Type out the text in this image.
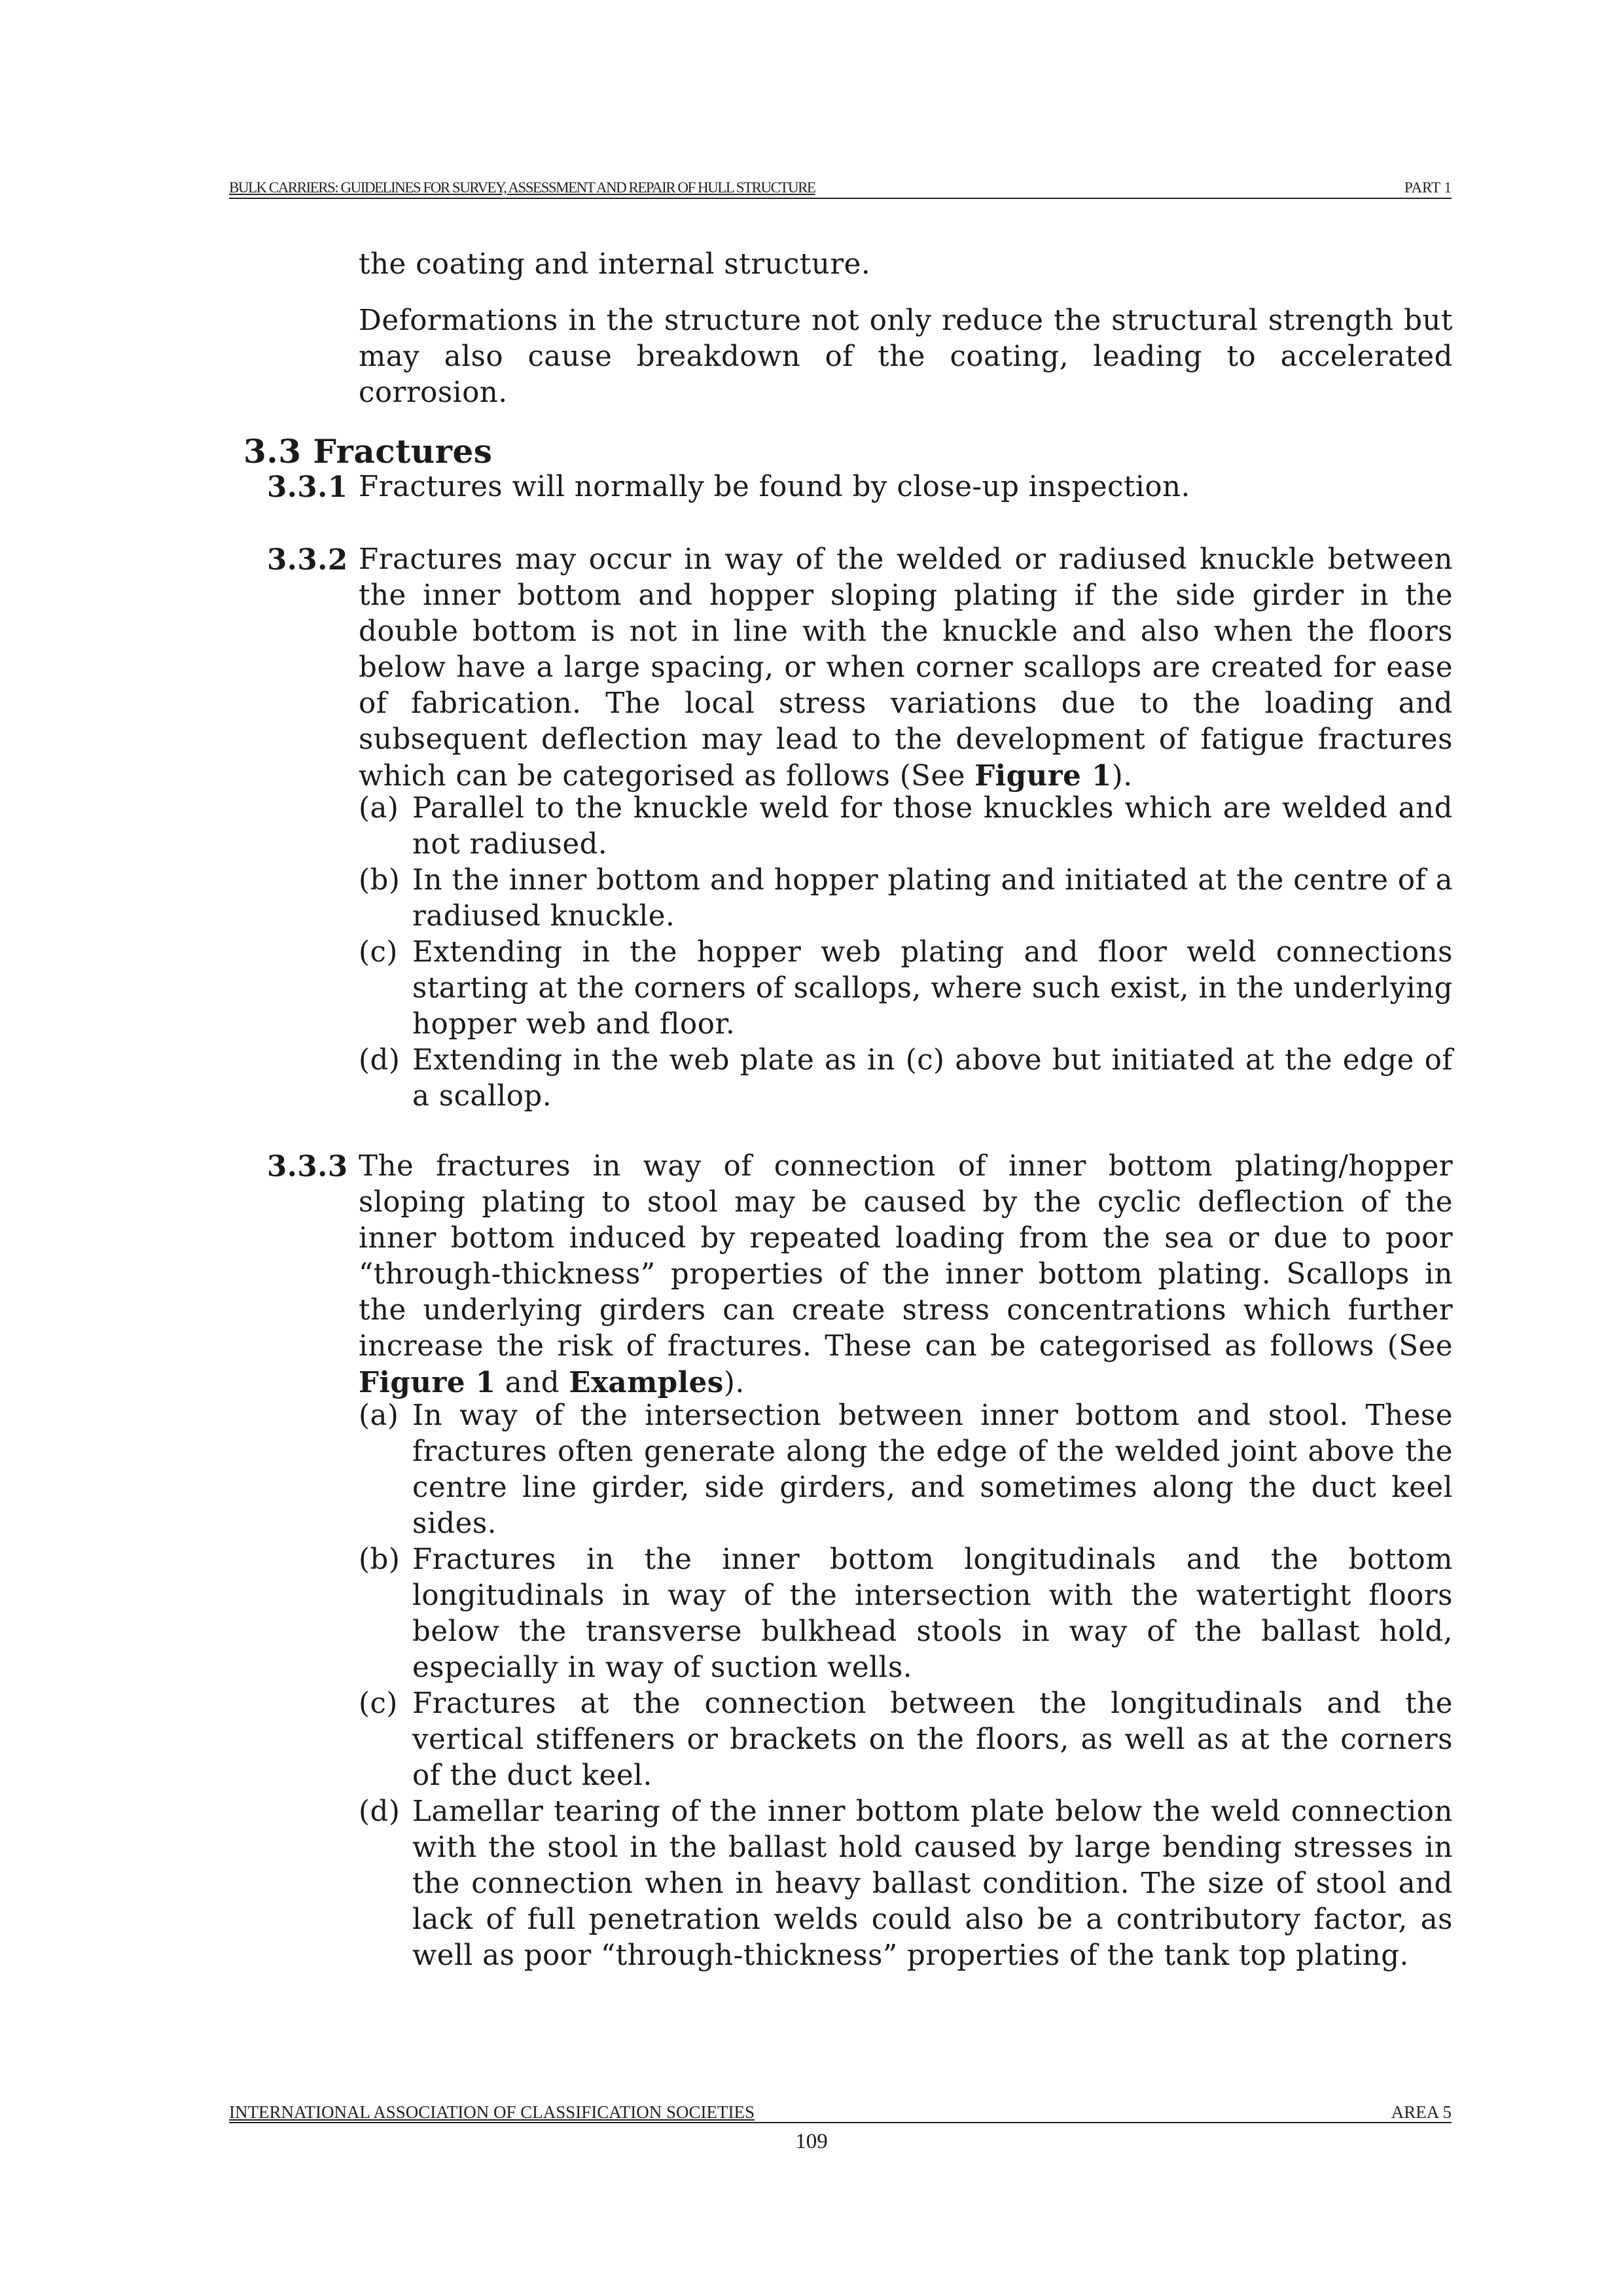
BULK CARRIERS: GUIDELINES FOR SURVEY, ASSESSMENT AND REPAIR OF HULL STRUCTURE	PART 1

the coating and internal structure.

Deformations in the structure not only reduce the structural strength but may also cause breakdown of the coating, leading to accelerated corrosion.

3.3 Fractures
3.3.1 Fractures will normally be found by close-up inspection.

3.3.2 Fractures may occur in way of the welded or radiused knuckle between the inner bottom and hopper sloping plating if the side girder in the double bottom is not in line with the knuckle and also when the floors below have a large spacing, or when corner scallops are created for ease of fabrication. The local stress variations due to the loading and subsequent deflection may lead to the development of fatigue fractures which can be categorised as follows (See Figure 1).

(a) Parallel to the knuckle weld for those knuckles which are welded and not radiused.
(b) In the inner bottom and hopper plating and initiated at the centre of a radiused knuckle.
(c) Extending in the hopper web plating and floor weld connections starting at the corners of scallops, where such exist, in the underlying hopper web and floor.
(d) Extending in the web plate as in (c) above but initiated at the edge of a scallop.
3.3.3 The fractures in way of connection of inner bottom plating/hopper sloping plating to stool may be caused by the cyclic deflection of the inner bottom induced by repeated loading from the sea or due to poor “through-thickness” properties of the inner bottom plating. Scallops in the underlying girders can create stress concentrations which further increase the risk of fractures. These can be categorised as follows (See Figure 1 and Examples).

(a) In way of the intersection between inner bottom and stool. These fractures often generate along the edge of the welded joint above the centre line girder, side girders, and sometimes along the duct keel sides.
(b) Fractures in the inner bottom longitudinals and the bottom longitudinals in way of the intersection with the watertight floors below the transverse bulkhead stools in way of the ballast hold, especially in way of suction wells.
(c) Fractures at the connection between the longitudinals and the vertical stiffeners or brackets on the floors, as well as at the corners of the duct keel.
(d) Lamellar tearing of the inner bottom plate below the weld connection with the stool in the ballast hold caused by large bending stresses in the connection when in heavy ballast condition. The size of stool and lack of full penetration welds could also be a contributory factor, as well as poor “through-thickness” properties of the tank top plating.
INTERNATIONAL ASSOCIATION OF CLASSIFICATION SOCIETIES	AREA 5
109
